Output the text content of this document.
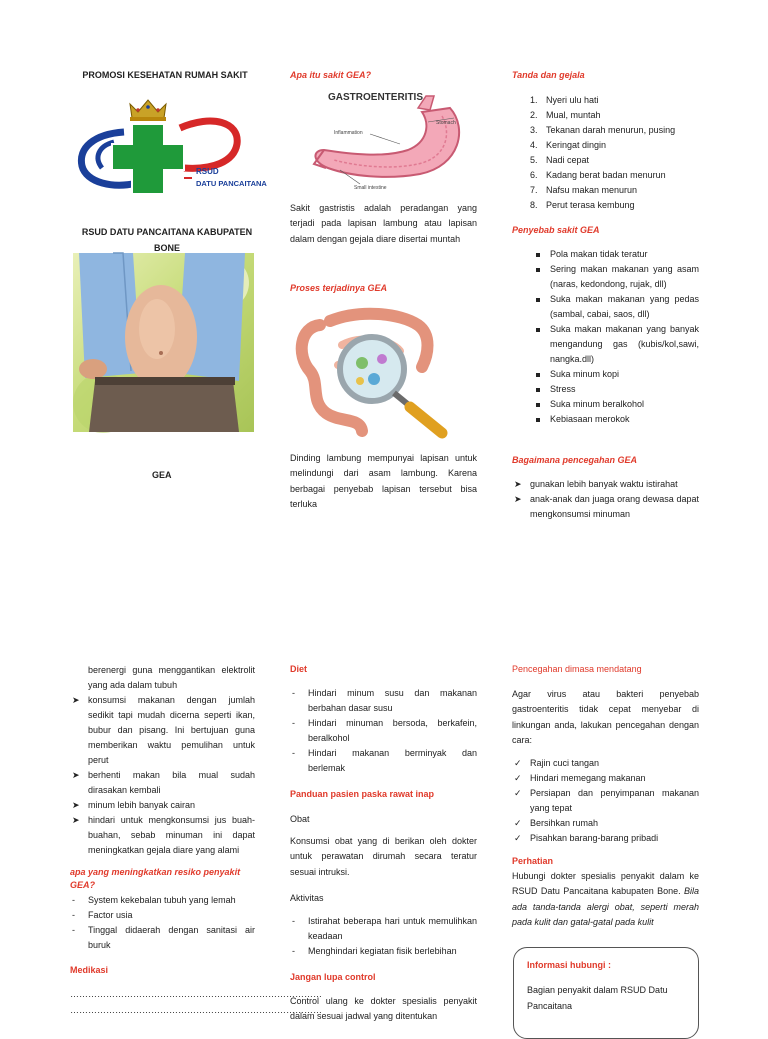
PROMOSI KESEHATAN RUMAH SAKIT
RSUD
DATU PANCAITANA
RSUD DATU PANCAITANA KABUPATEN
BONE
GEA
Apa itu sakit GEA?
GASTROENTERITIS
Inflammation
Stomach
Small intestine
Sakit gastristis adalah peradangan yang terjadi pada lapisan lambung atau lapisan dalam dengan gejala diare disertai muntah
Proses terjadinya GEA
Dinding lambung mempunyai lapisan untuk melindungi dari asam lambung. Karena berbagai penyebab lapisan tersebut bisa terluka
Tanda dan gejala
1. Nyeri ulu hati
2. Mual, muntah
3. Tekanan darah menurun, pusing
4. Keringat dingin
5. Nadi cepat
6. Kadang berat badan menurun
7. Nafsu makan menurun
8. Perut terasa kembung
Penyebab sakit GEA
Pola makan tidak teratur
Sering makan makanan yang asam (naras, kedondong, rujak, dll)
Suka makan makanan yang pedas (sambal, cabai, saos, dll)
Suka makan makanan yang banyak mengandung gas (kubis/kol,sawi, nangka.dll)
Suka minum kopi
Stress
Suka minum beralkohol
Kebiasaan merokok
Bagaimana pencegahan GEA
➤ gunakan lebih banyak waktu istirahat
➤ anak-anak dan juaga orang dewasa dapat mengkonsumsi minuman
berenergi guna menggantikan elektrolit yang ada dalam tubuh
➤ konsumsi makanan dengan jumlah sedikit tapi mudah dicerna seperti ikan, bubur dan pisang. Ini bertujuan guna memberikan waktu pemulihan untuk perut
➤ berhenti makan bila mual sudah dirasakan kembali
➤ minum lebih banyak cairan
➤ hindari untuk mengkonsumsi jus buah-buahan, sebab minuman ini dapat meningkatkan gejala diare yang alami
apa yang meningkatkan resiko penyakit GEA?
- System kekebalan tubuh yang lemah
- Factor usia
- Tinggal didaerah dengan sanitasi air buruk
Medikasi
…………………………………………………………………………
…………………………………………………………………………
Diet
- Hindari minum susu dan makanan berbahan dasar susu
- Hindari minuman bersoda, berkafein, beralkohol
- Hindari makanan berminyak dan berlemak
Panduan pasien paska rawat inap
Obat
Konsumsi obat yang di berikan oleh dokter untuk perawatan dirumah secara teratur sesuai intruksi.
Aktivitas
- Istirahat beberapa hari untuk memulihkan keadaan
- Menghindari kegiatan fisik berlebihan
Jangan lupa control
Control ulang ke dokter spesialis penyakit dalam sesuai jadwal yang ditentukan
Pencegahan dimasa mendatang
Agar virus atau bakteri penyebab gastroenteritis tidak cepat menyebar di linkungan anda, lakukan pencegahan dengan cara:
✓ Rajin cuci tangan
✓ Hindari memegang makanan
✓ Persiapan dan penyimpanan makanan yang tepat
✓ Bersihkan rumah
✓ Pisahkan barang-barang pribadi
Perhatian
Hubungi dokter spesialis penyakit dalam ke RSUD Datu Pancaitana kabupaten Bone. Bila ada tanda-tanda alergi obat, seperti merah pada kulit dan gatal-gatal pada kulit
Informasi hubungi :
Bagian penyakit dalam RSUD Datu Pancaitana
